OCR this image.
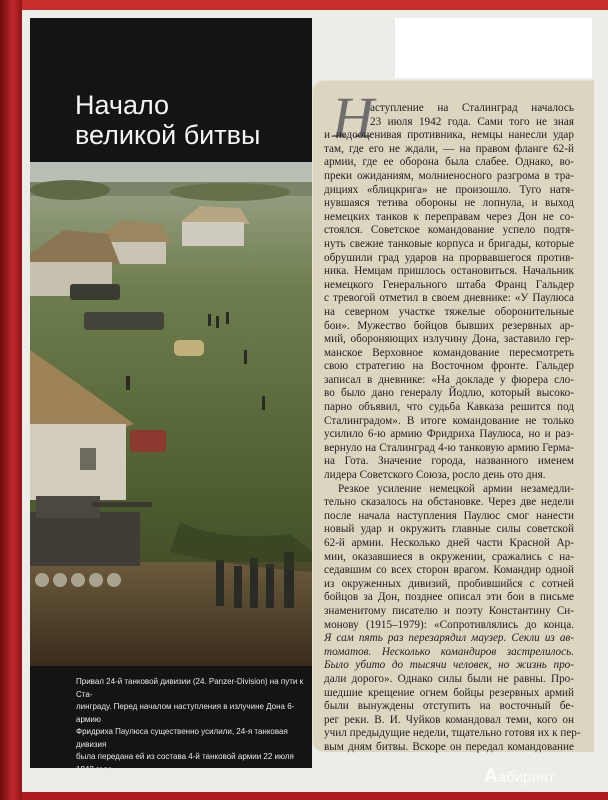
Начало
великой битвы

Привал 24-й танковой дивизии (24. Panzer-Division) на пути к Ста-

линграду. Перед началом наступления в излучине Дона 6-армию

Фридриха Паулюса существенно усилили, 24-я танковая дивизия

была передана ей из состава 4-й танковой армии 22 июля 1942 года

Н
аступление на Сталинград началось
23 июля 1942 года. Сами того не зная
и недооценивая противника, немцы нанесли удар
там, где его не ждали, — на правом фланге 62-й
армии, где ее оборона была слабее. Однако, во-
преки ожиданиям, молниеносного разгрома в тра-
дициях «блицкрига» не произошло. Туго натя-
нувшаяся тетива обороны не лопнула, и выход
немецких танков к переправам через Дон не со-
стоялся. Советское командование успело подтя-
нуть свежие танковые корпуса и бригады, которые
обрушили град ударов на прорвавшегося против-
ника. Немцам пришлось остановиться. Начальник
немецкого Генерального штаба Франц Гальдер
с тревогой отметил в своем дневнике: «У Паулюса
на северном участке тяжелые оборонительные
бои». Мужество бойцов бывших резервных ар-
мий, обороняющих излучину Дона, заставило гер-
манское Верховное командование пересмотреть
свою стратегию на Восточном фронте. Гальдер
записал в дневнике: «На докладе у фюрера сло-
во было дано генералу Йодлю, который высоко-
парно объявил, что судьба Кавказа решится под
Сталинградом». В итоге командование не только
усилило 6-ю армию Фридриха Паулюса, но и раз-
вернуло на Сталинград 4-ю танковую армию Герма-
на Гота. Значение города, названного именем
лидера Советского Союза, росло день ото дня.
Резкое усиление немецкой армии незамедли-
тельно сказалось на обстановке. Через две недели
после начала наступления Паулюс смог нанести
новый удар и окружить главные силы советской
62-й армии. Несколько дней части Красной Ар-
мии, оказавшиеся в окружении, сражались с на-
седавшим со всех сторон врагом. Командир одной
из окруженных дивизий, пробившийся с сотней
бойцов за Дон, позднее описал эти бои в письме
знаменитому писателю и поэту Константину Си-
монову (1915–1979): «Сопротивлялись до конца.
Я сам пять раз перезарядил маузер. Секли из ав-
томатов. Несколько командиров застрелилось.
Было убито до тысячи человек, но жизнь про-
дали дорого». Однако силы были не равны. Про-
шедшие крещение огнем бойцы резервных армий
были вынуждены отступить на восточный бе-
рег реки. В. И. Чуйков командовал теми, кого он
учил предыдущие недели, тщательно готовя их к пер-
вым дням битвы. Вскоре он передал командование
Aабиринт
